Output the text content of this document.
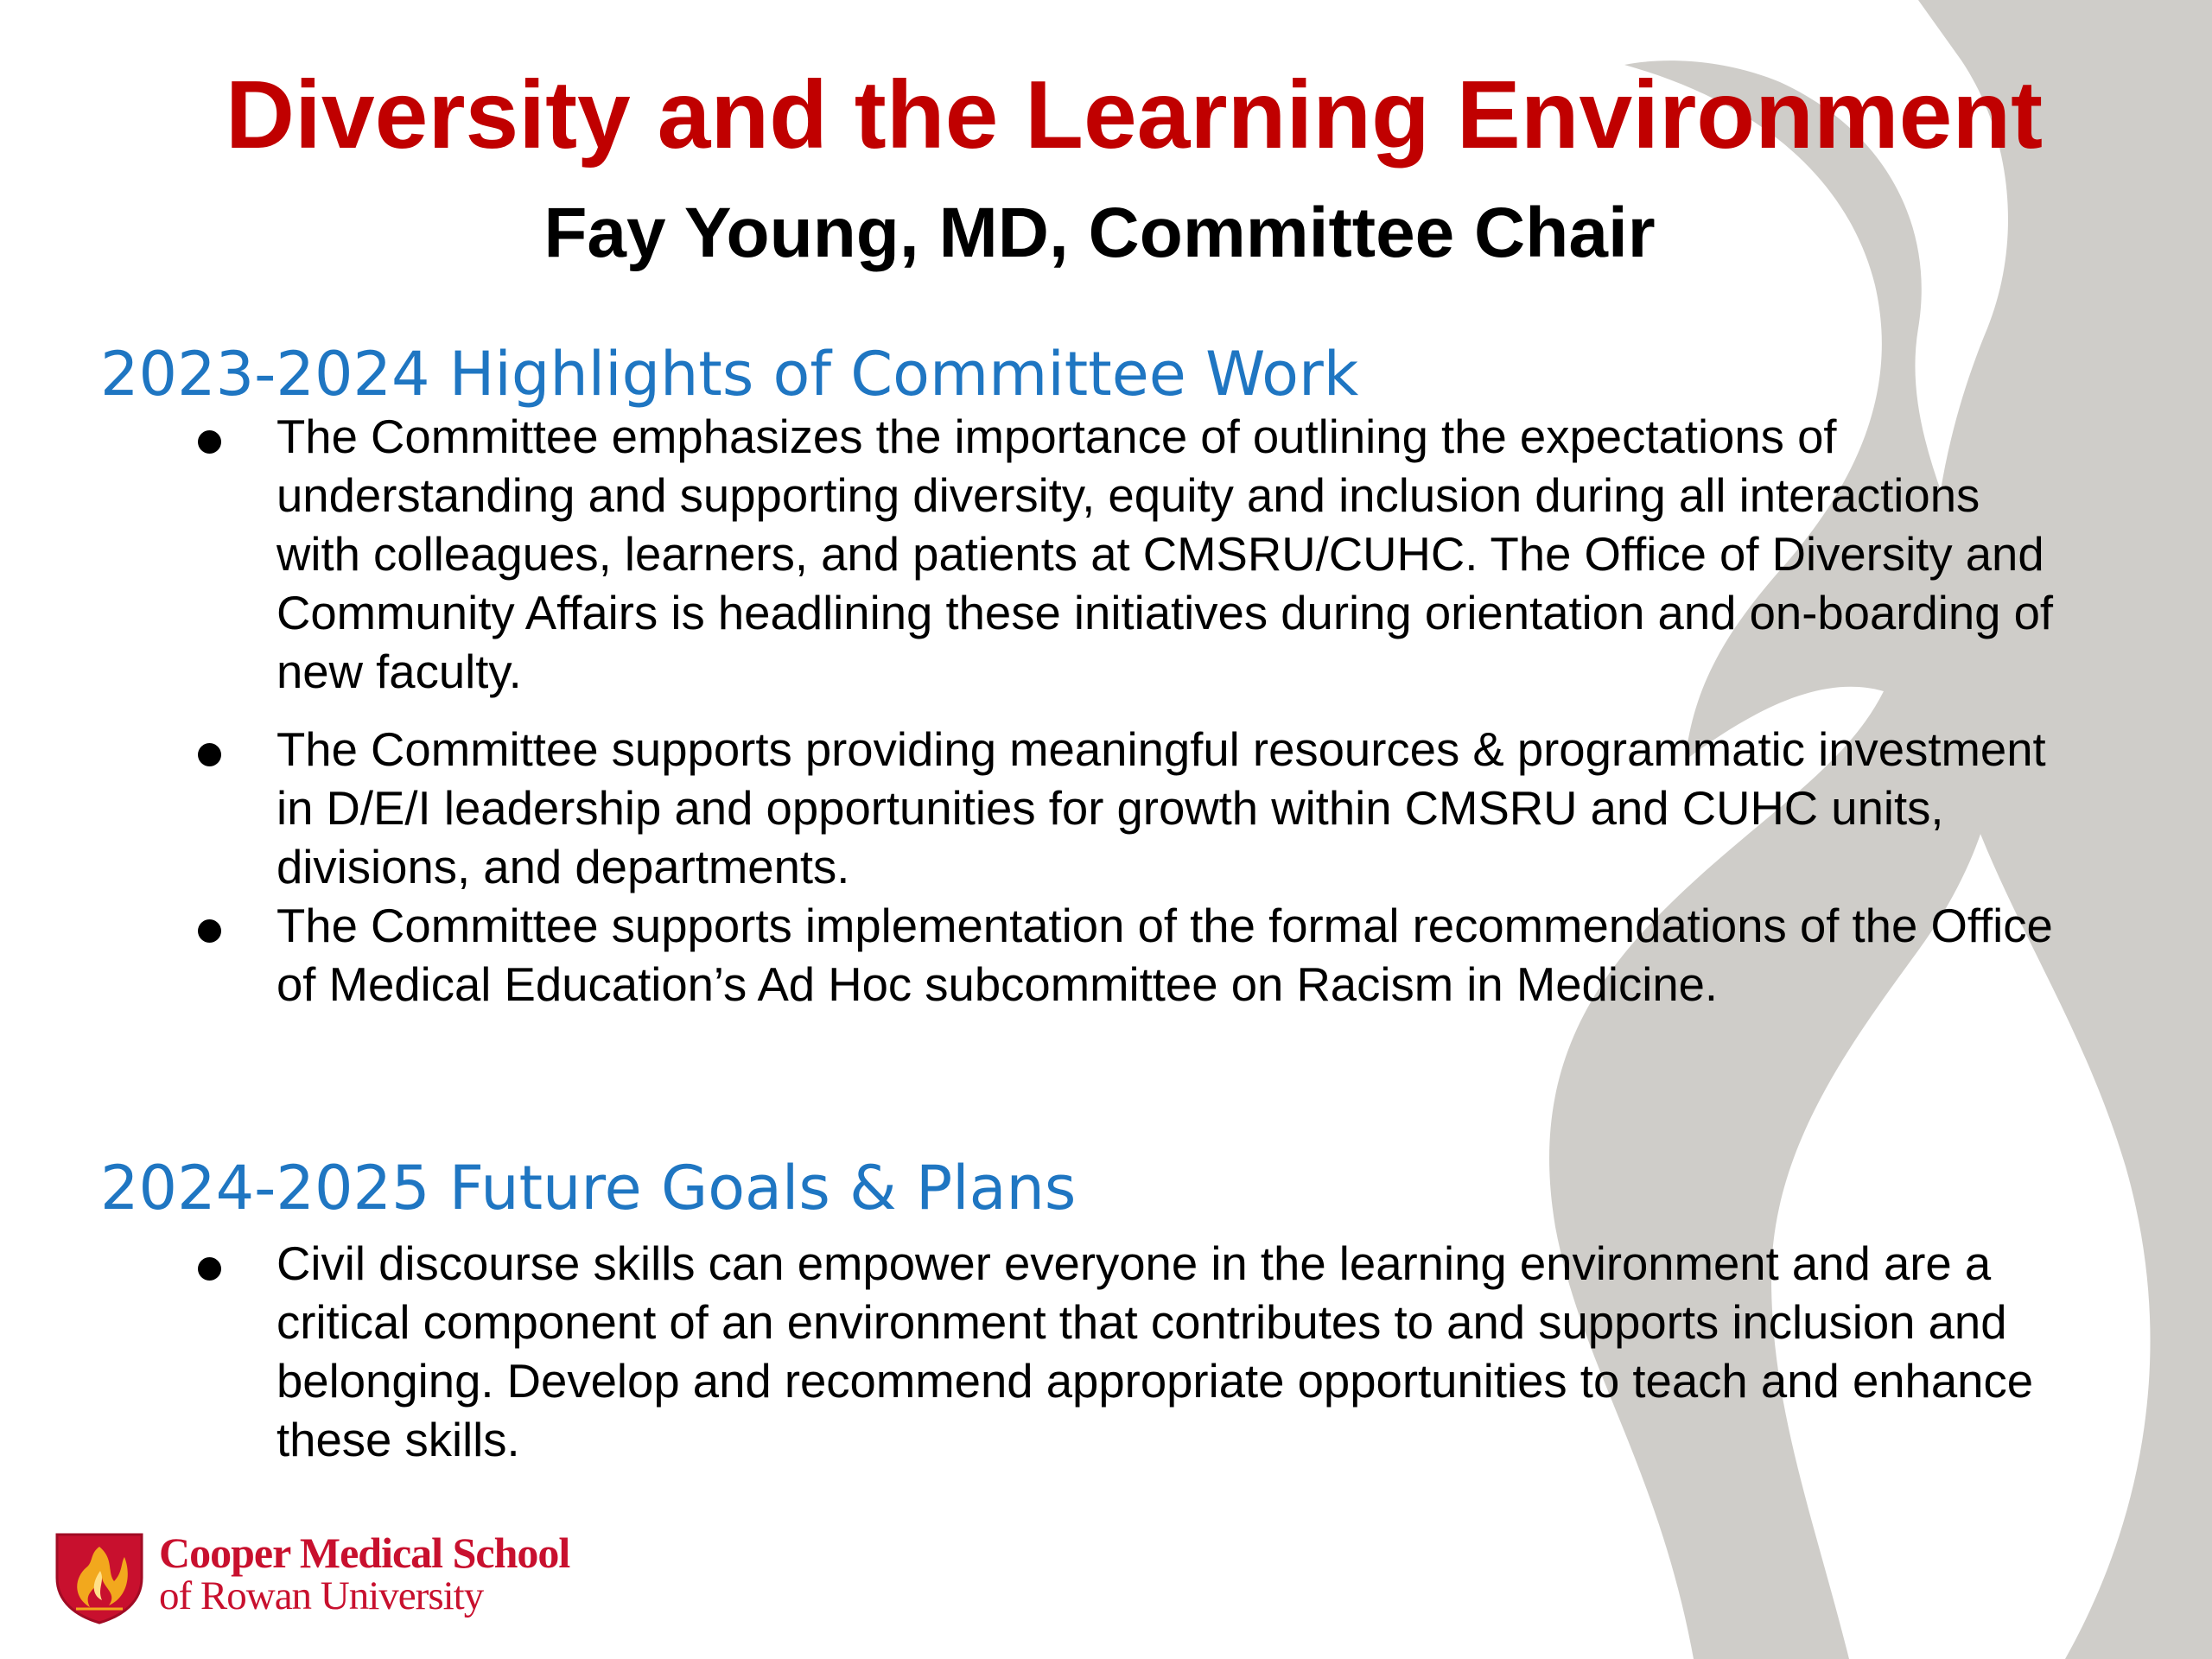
Diversity and the Learning Environment
Fay Young, MD, Committee Chair
2023-2024 Highlights of Committee Work

The Committee emphasizes the importance of outlining the expectations of
understanding and supporting diversity, equity and inclusion during all interactions
with colleagues, learners, and patients at CMSRU/CUHC. The Office of Diversity and
Community Affairs is headlining these initiatives during orientation and on-boarding of
new faculty.

The Committee supports providing meaningful resources & programmatic investment
in D/E/I leadership and opportunities for growth within CMSRU and CUHC units,
divisions, and departments.

The Committee supports implementation of the formal recommendations of the Office
of Medical Education’s Ad Hoc subcommittee on Racism in Medicine.

2024-2025 Future Goals & Plans

Civil discourse skills can empower everyone in the learning environment and are a
critical component of an environment that contributes to and supports inclusion and
belonging. Develop and recommend appropriate opportunities to teach and enhance
these skills.

Cooper Medical School
of Rowan University
